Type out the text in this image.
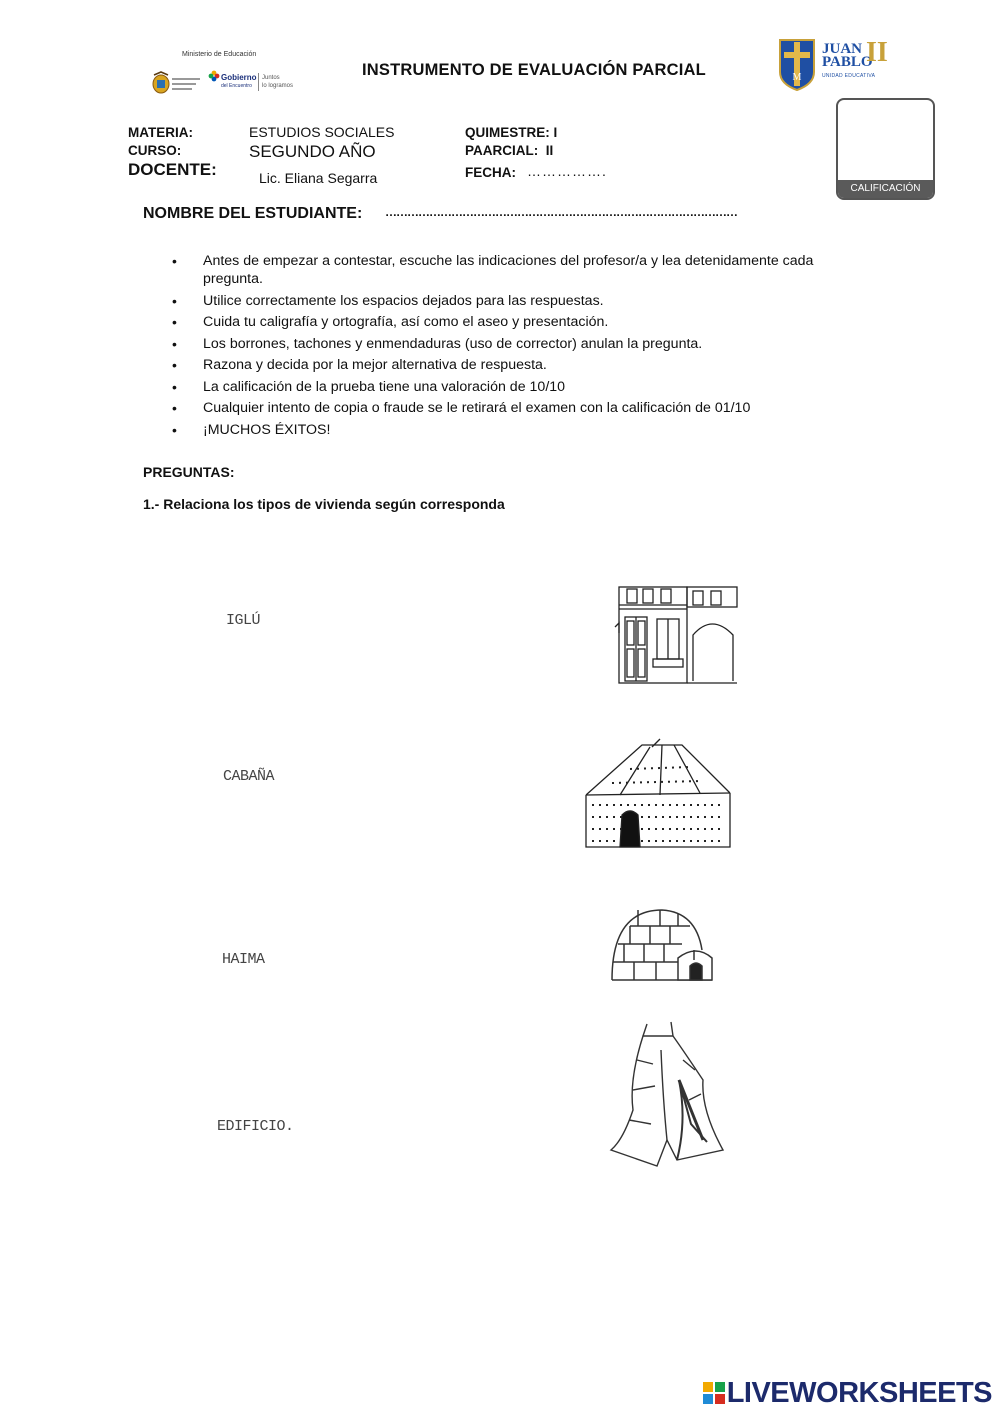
Ministerio de Educación
Gobierno
del Encuentro
Juntos
lo logramos
INSTRUMENTO DE EVALUACIÓN PARCIAL	M
JUAN
PABLO
II
UNIDAD EDUCATIVA
CALIFICACIÓN
MATERIA:	ESTUDIOS SOCIALES
CURSO:	SEGUNDO AÑO
DOCENTE:	Lic. Eliana Segarra
QUIMESTRE: I
PAARCIAL:  II
FECHA: …………….
NOMBRE DEL ESTUDIANTE: ……………………………………………………………………………………
• Antes de empezar a contestar, escuche las indicaciones del profesor/a y lea detenidamente cada pregunta.
• Utilice correctamente los espacios dejados para las respuestas.
• Cuida tu caligrafía y ortografía, así como el aseo y presentación.
• Los borrones, tachones y enmendaduras (uso de corrector) anulan la pregunta.
• Razona y decida por la mejor alternativa de respuesta.
• La calificación de la prueba tiene una valoración de 10/10
• Cualquier intento de copia o fraude se le retirará el examen con la calificación de 01/10
• ¡MUCHOS ÉXITOS!
PREGUNTAS:
1.- Relaciona los tipos de vivienda según corresponda
IGLÚ
CABAÑA
HAIMA
EDIFICIO.
LIVE WORKSHEETS
